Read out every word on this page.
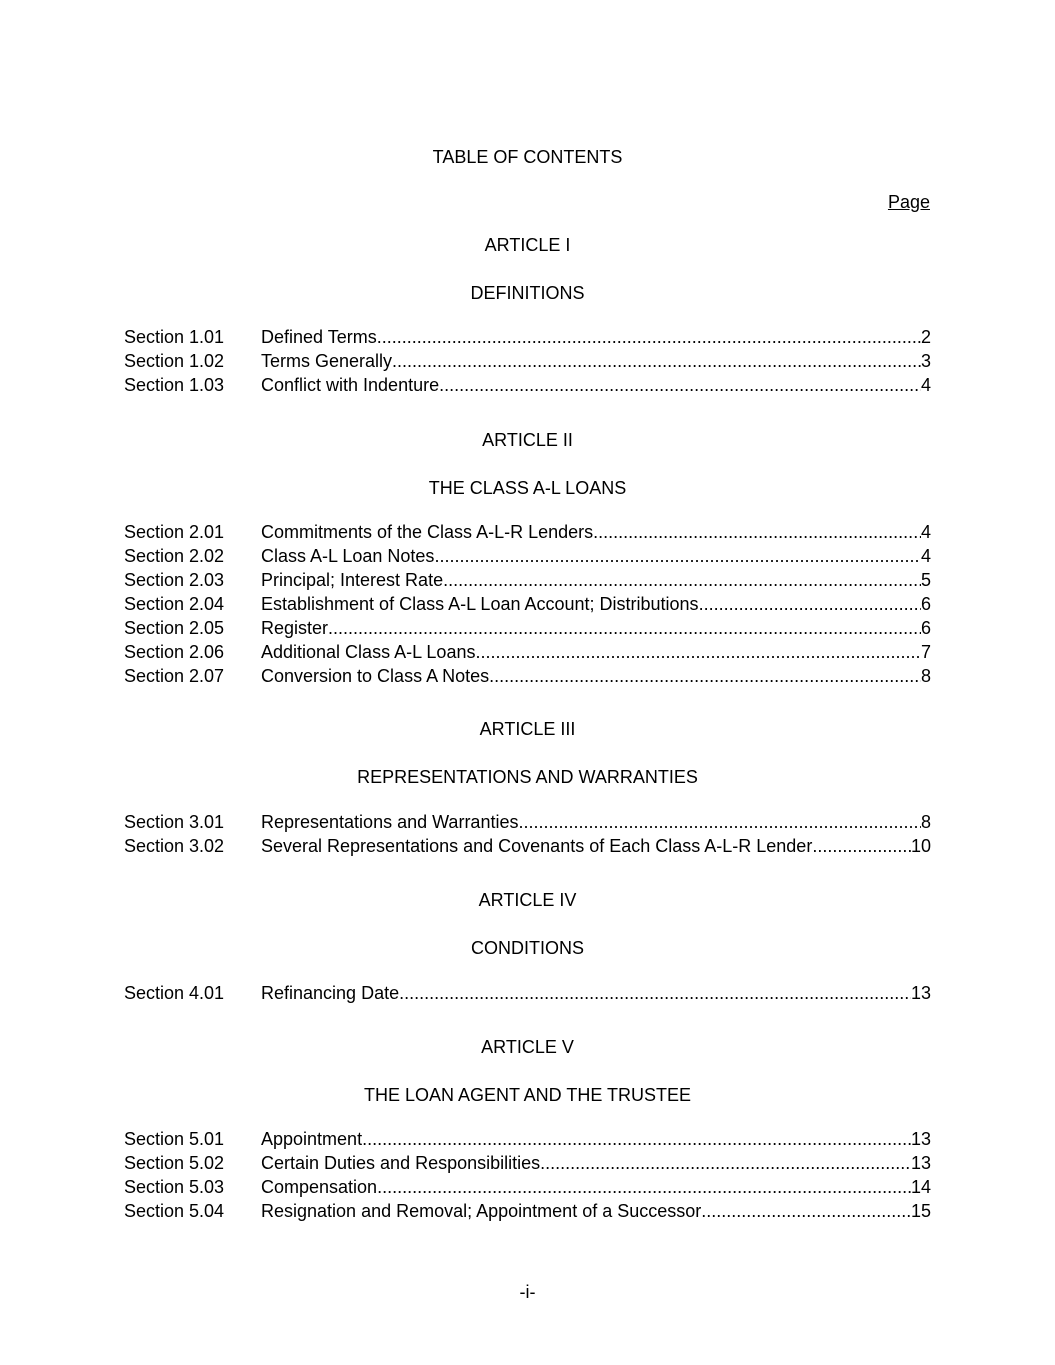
TABLE OF CONTENTS
Page
ARTICLE I
DEFINITIONS
Section 1.01	Defined Terms .....	2
Section 1.02	Terms Generally .....	3
Section 1.03	Conflict with Indenture .....	4
ARTICLE II
THE CLASS A-L LOANS
Section 2.01	Commitments of the Class A-L-R Lenders .....	4
Section 2.02	Class A-L Loan Notes .....	4
Section 2.03	Principal; Interest Rate .....	5
Section 2.04	Establishment of Class A-L Loan Account; Distributions .....	6
Section 2.05	Register .....	6
Section 2.06	Additional Class A-L Loans .....	7
Section 2.07	Conversion to Class A Notes .....	8
ARTICLE III
REPRESENTATIONS AND WARRANTIES
Section 3.01	Representations and Warranties .....	8
Section 3.02	Several Representations and Covenants of Each Class A-L-R Lender .....	10
ARTICLE IV
CONDITIONS
Section 4.01	Refinancing Date .....	13
ARTICLE V
THE LOAN AGENT AND THE TRUSTEE
Section 5.01	Appointment .....	13
Section 5.02	Certain Duties and Responsibilities .....	13
Section 5.03	Compensation .....	14
Section 5.04	Resignation and Removal; Appointment of a Successor .....	15
-i-
